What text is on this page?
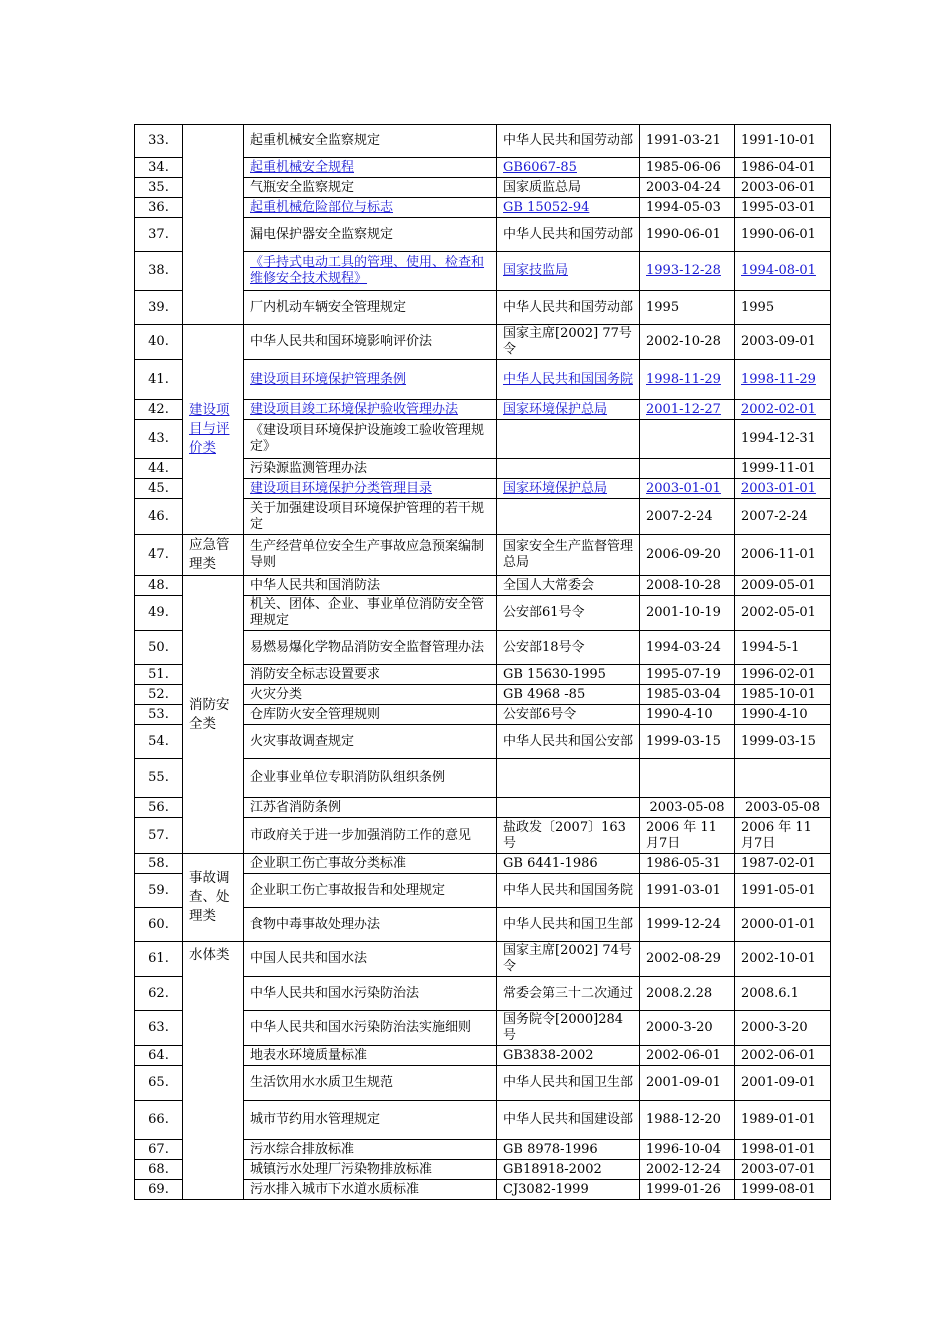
33.		起重机械安全监察规定	中华人民共和国劳动部	1991-03-21	1991-10-01
34.		起重机械安全规程	GB6067-85	1985-06-06	1986-04-01
35.		气瓶安全监察规定	国家质监总局	2003-04-24	2003-06-01
36.		起重机械危险部位与标志	GB 15052-94	1994-05-03	1995-03-01
37.		漏电保护器安全监察规定	中华人民共和国劳动部	1990-06-01	1990-06-01
38.		《手持式电动工具的管理、使用、检查和维修安全技术规程》	国家技监局	1993-12-28	1994-08-01
39.		厂内机动车辆安全管理规定	中华人民共和国劳动部	1995	1995
40.	建设项目与评价类	中华人民共和国环境影响评价法	国家主席[2002] 77号令	2002-10-28	2003-09-01
41.		建设项目环境保护管理条例	中华人民共和国国务院	1998-11-29	1998-11-29
42.		建设项目竣工环境保护验收管理办法	国家环境保护总局	2001-12-27	2002-02-01
43.		《建设项目环境保护设施竣工验收管理规定》			1994-12-31
44.		污染源监测管理办法			1999-11-01
45.		建设项目环境保护分类管理目录	国家环境保护总局	2003-01-01	2003-01-01
46.		关于加强建设项目环境保护管理的若干规定		2007-2-24	2007-2-24
47.	应急管理类	生产经营单位安全生产事故应急预案编制导则	国家安全生产监督管理总局	2006-09-20	2006-11-01
48.	消防安全类	中华人民共和国消防法	全国人大常委会	2008-10-28	2009-05-01
49.		机关、团体、企业、事业单位消防安全管理规定	公安部61号令	2001-10-19	2002-05-01
50.		易燃易爆化学物品消防安全监督管理办法	公安部18号令	1994-03-24	1994-5-1
51.		消防安全标志设置要求	GB 15630-1995	1995-07-19	1996-02-01
52.		火灾分类	GB 4968 -85	1985-03-04	1985-10-01
53.		仓库防火安全管理规则	公安部6号令	1990-4-10	1990-4-10
54.		火灾事故调查规定	中华人民共和国公安部	1999-03-15	1999-03-15
55.		企业事业单位专职消防队组织条例			
56.		江苏省消防条例		2003-05-08	2003-05-08
57.		市政府关于进一步加强消防工作的意见	盐政发〔2007〕163号	2006 年 11 月7日	2006 年 11 月7日
58.	事故调查、处理类	企业职工伤亡事故分类标准	GB 6441-1986	1986-05-31	1987-02-01
59.		企业职工伤亡事故报告和处理规定	中华人民共和国国务院	1991-03-01	1991-05-01
60.		食物中毒事故处理办法	中华人民共和国卫生部	1999-12-24	2000-01-01
61.	水体类	中国人民共和国水法	国家主席[2002] 74号令	2002-08-29	2002-10-01
62.		中华人民共和国水污染防治法	常委会第三十二次通过	2008.2.28	2008.6.1
63.		中华人民共和国水污染防治法实施细则	国务院令[2000]284号	2000-3-20	2000-3-20
64.		地表水环境质量标准	GB3838-2002	2002-06-01	2002-06-01
65.		生活饮用水水质卫生规范	中华人民共和国卫生部	2001-09-01	2001-09-01
66.		城市节约用水管理规定	中华人民共和国建设部	1988-12-20	1989-01-01
67.		污水综合排放标准	GB 8978-1996	1996-10-04	1998-01-01
68.		城镇污水处理厂污染物排放标准	GB18918-2002	2002-12-24	2003-07-01
69.		污水排入城市下水道水质标准	CJ3082-1999	1999-01-26	1999-08-01
